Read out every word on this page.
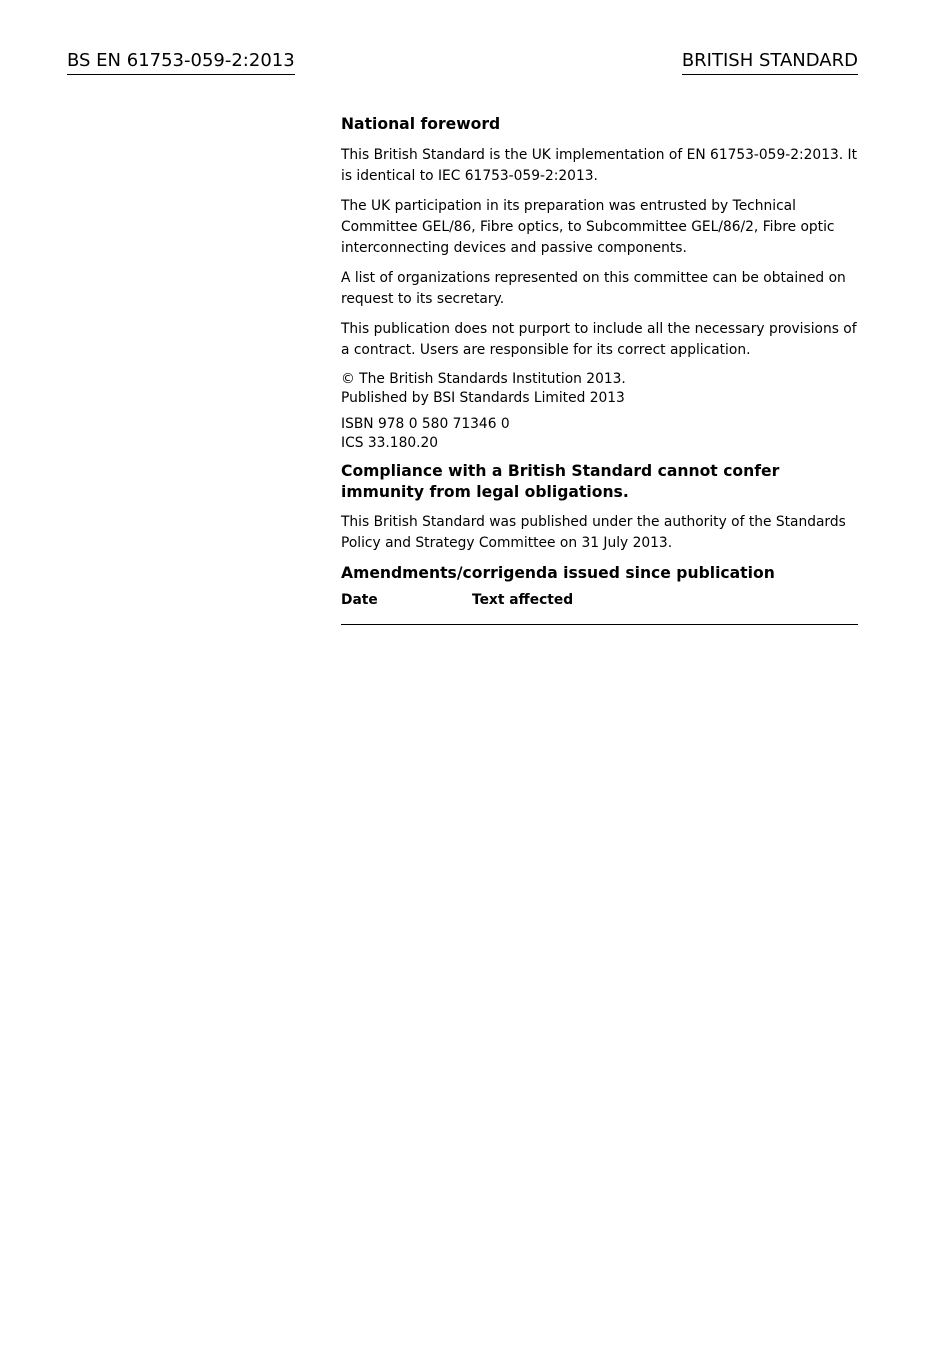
BS EN 61753-059-2:2013	BRITISH STANDARD
National foreword

This British Standard is the UK implementation of EN 61753-059-2:2013. It is identical to IEC 61753-059-2:2013.

The UK participation in its preparation was entrusted by Technical Committee GEL/86, Fibre optics, to Subcommittee GEL/86/2, Fibre optic interconnecting devices and passive components.

A list of organizations represented on this committee can be obtained on request to its secretary.

This publication does not purport to include all the necessary provisions of a contract. Users are responsible for its correct application.

© The British Standards Institution 2013.
Published by BSI Standards Limited 2013
ISBN 978 0 580 71346 0
ICS 33.180.20
Compliance with a British Standard cannot confer immunity from legal obligations.

This British Standard was published under the authority of the Standards Policy and Strategy Committee on 31 July 2013.

Amendments/corrigenda issued since publication
Date	Text affected
